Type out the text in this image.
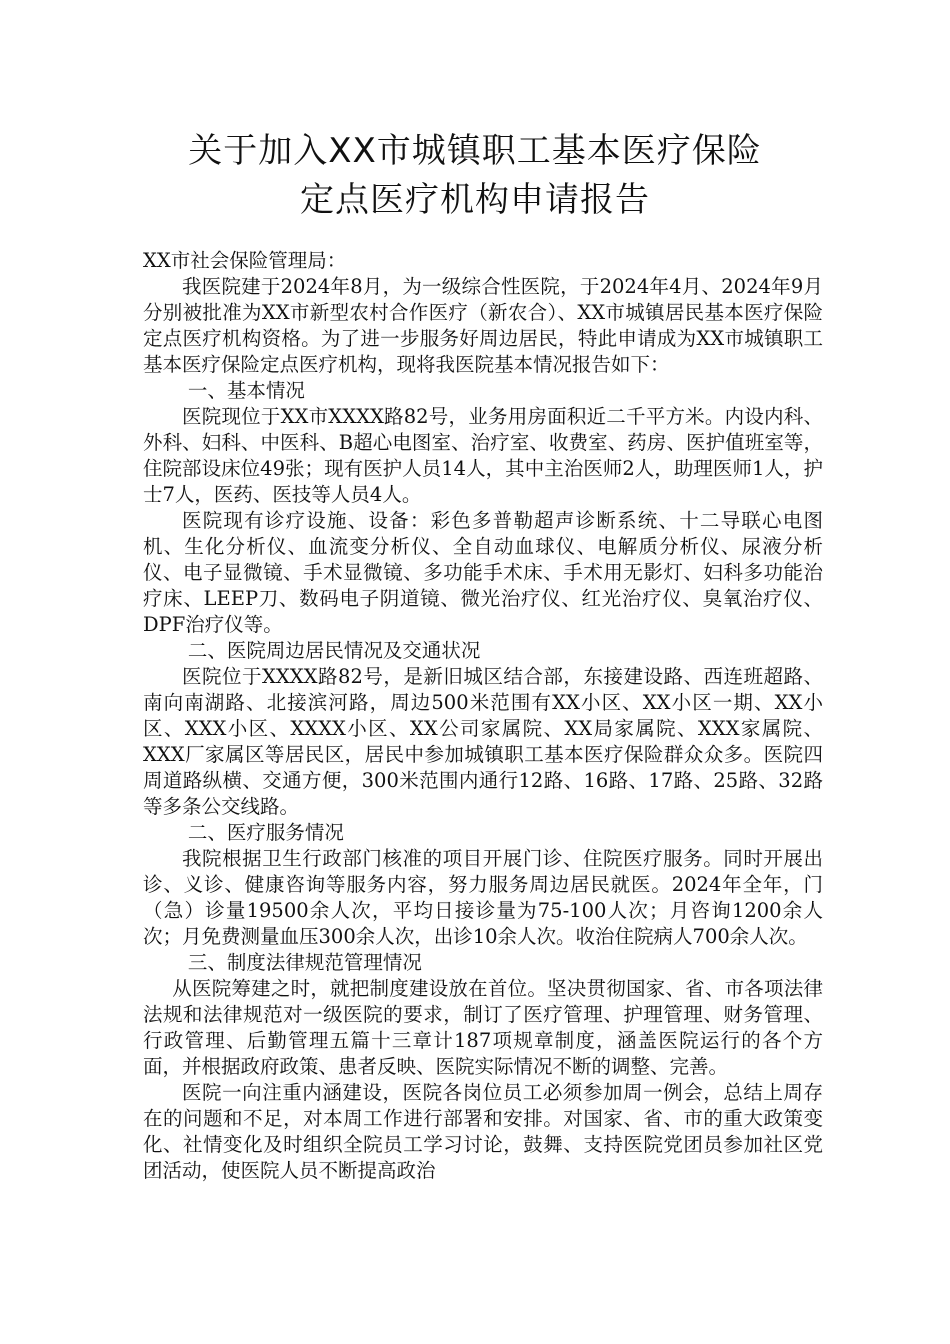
关于加入XX市城镇职工基本医疗保险
定点医疗机构申请报告

XX市社会保险管理局：

我医院建于2024年8月，为一级综合性医院，于2024年4月、2024年9月分别被批准为XX市新型农村合作医疗（新农合）、XX市城镇居民基本医疗保险定点医疗机构资格。为了进一步服务好周边居民，特此申请成为XX市城镇职工基本医疗保险定点医疗机构，现将我医院基本情况报告如下：

一、基本情况

医院现位于XX市XXXX路82号，业务用房面积近二千平方米。内设内科、外科、妇科、中医科、B超心电图室、治疗室、收费室、药房、医护值班室等，住院部设床位49张；现有医护人员14人，其中主治医师2人，助理医师1人，护士7人，医药、医技等人员4人。

医院现有诊疗设施、设备：彩色多普勒超声诊断系统、十二导联心电图机、生化分析仪、血流变分析仪、全自动血球仪、电解质分析仪、尿液分析仪、电子显微镜、手术显微镜、多功能手术床、手术用无影灯、妇科多功能治疗床、LEEP刀、数码电子阴道镜、微光治疗仪、红光治疗仪、臭氧治疗仪、DPF治疗仪等。

二、医院周边居民情况及交通状况

医院位于XXXX路82号，是新旧城区结合部，东接建设路、西连班超路、南向南湖路、北接滨河路，周边500米范围有XX小区、XX小区一期、XX小区、XXX小区、XXXX小区、XX公司家属院、XX局家属院、XXX家属院、XXX厂家属区等居民区，居民中参加城镇职工基本医疗保险群众众多。医院四周道路纵横、交通方便，300米范围内通行12路、16路、17路、25路、32路等多条公交线路。

二、医疗服务情况

我院根据卫生行政部门核准的项目开展门诊、住院医疗服务。同时开展出诊、义诊、健康咨询等服务内容，努力服务周边居民就医。2024年全年，门（急）诊量19500余人次，平均日接诊量为75-100人次；月咨询1200余人次；月免费测量血压300余人次，出诊10余人次。收治住院病人700余人次。

三、制度法律规范管理情况

从医院筹建之时，就把制度建设放在首位。坚决贯彻国家、省、市各项法律法规和法律规范对一级医院的要求，制订了医疗管理、护理管理、财务管理、行政管理、后勤管理五篇十三章计187项规章制度，涵盖医院运行的各个方面，并根据政府政策、患者反映、医院实际情况不断的调整、完善。

医院一向注重内涵建设，医院各岗位员工必须参加周一例会，总结上周存在的问题和不足，对本周工作进行部署和安排。对国家、省、市的重大政策变化、社情变化及时组织全院员工学习讨论，鼓舞、支持医院党团员参加社区党团活动，使医院人员不断提高政治
